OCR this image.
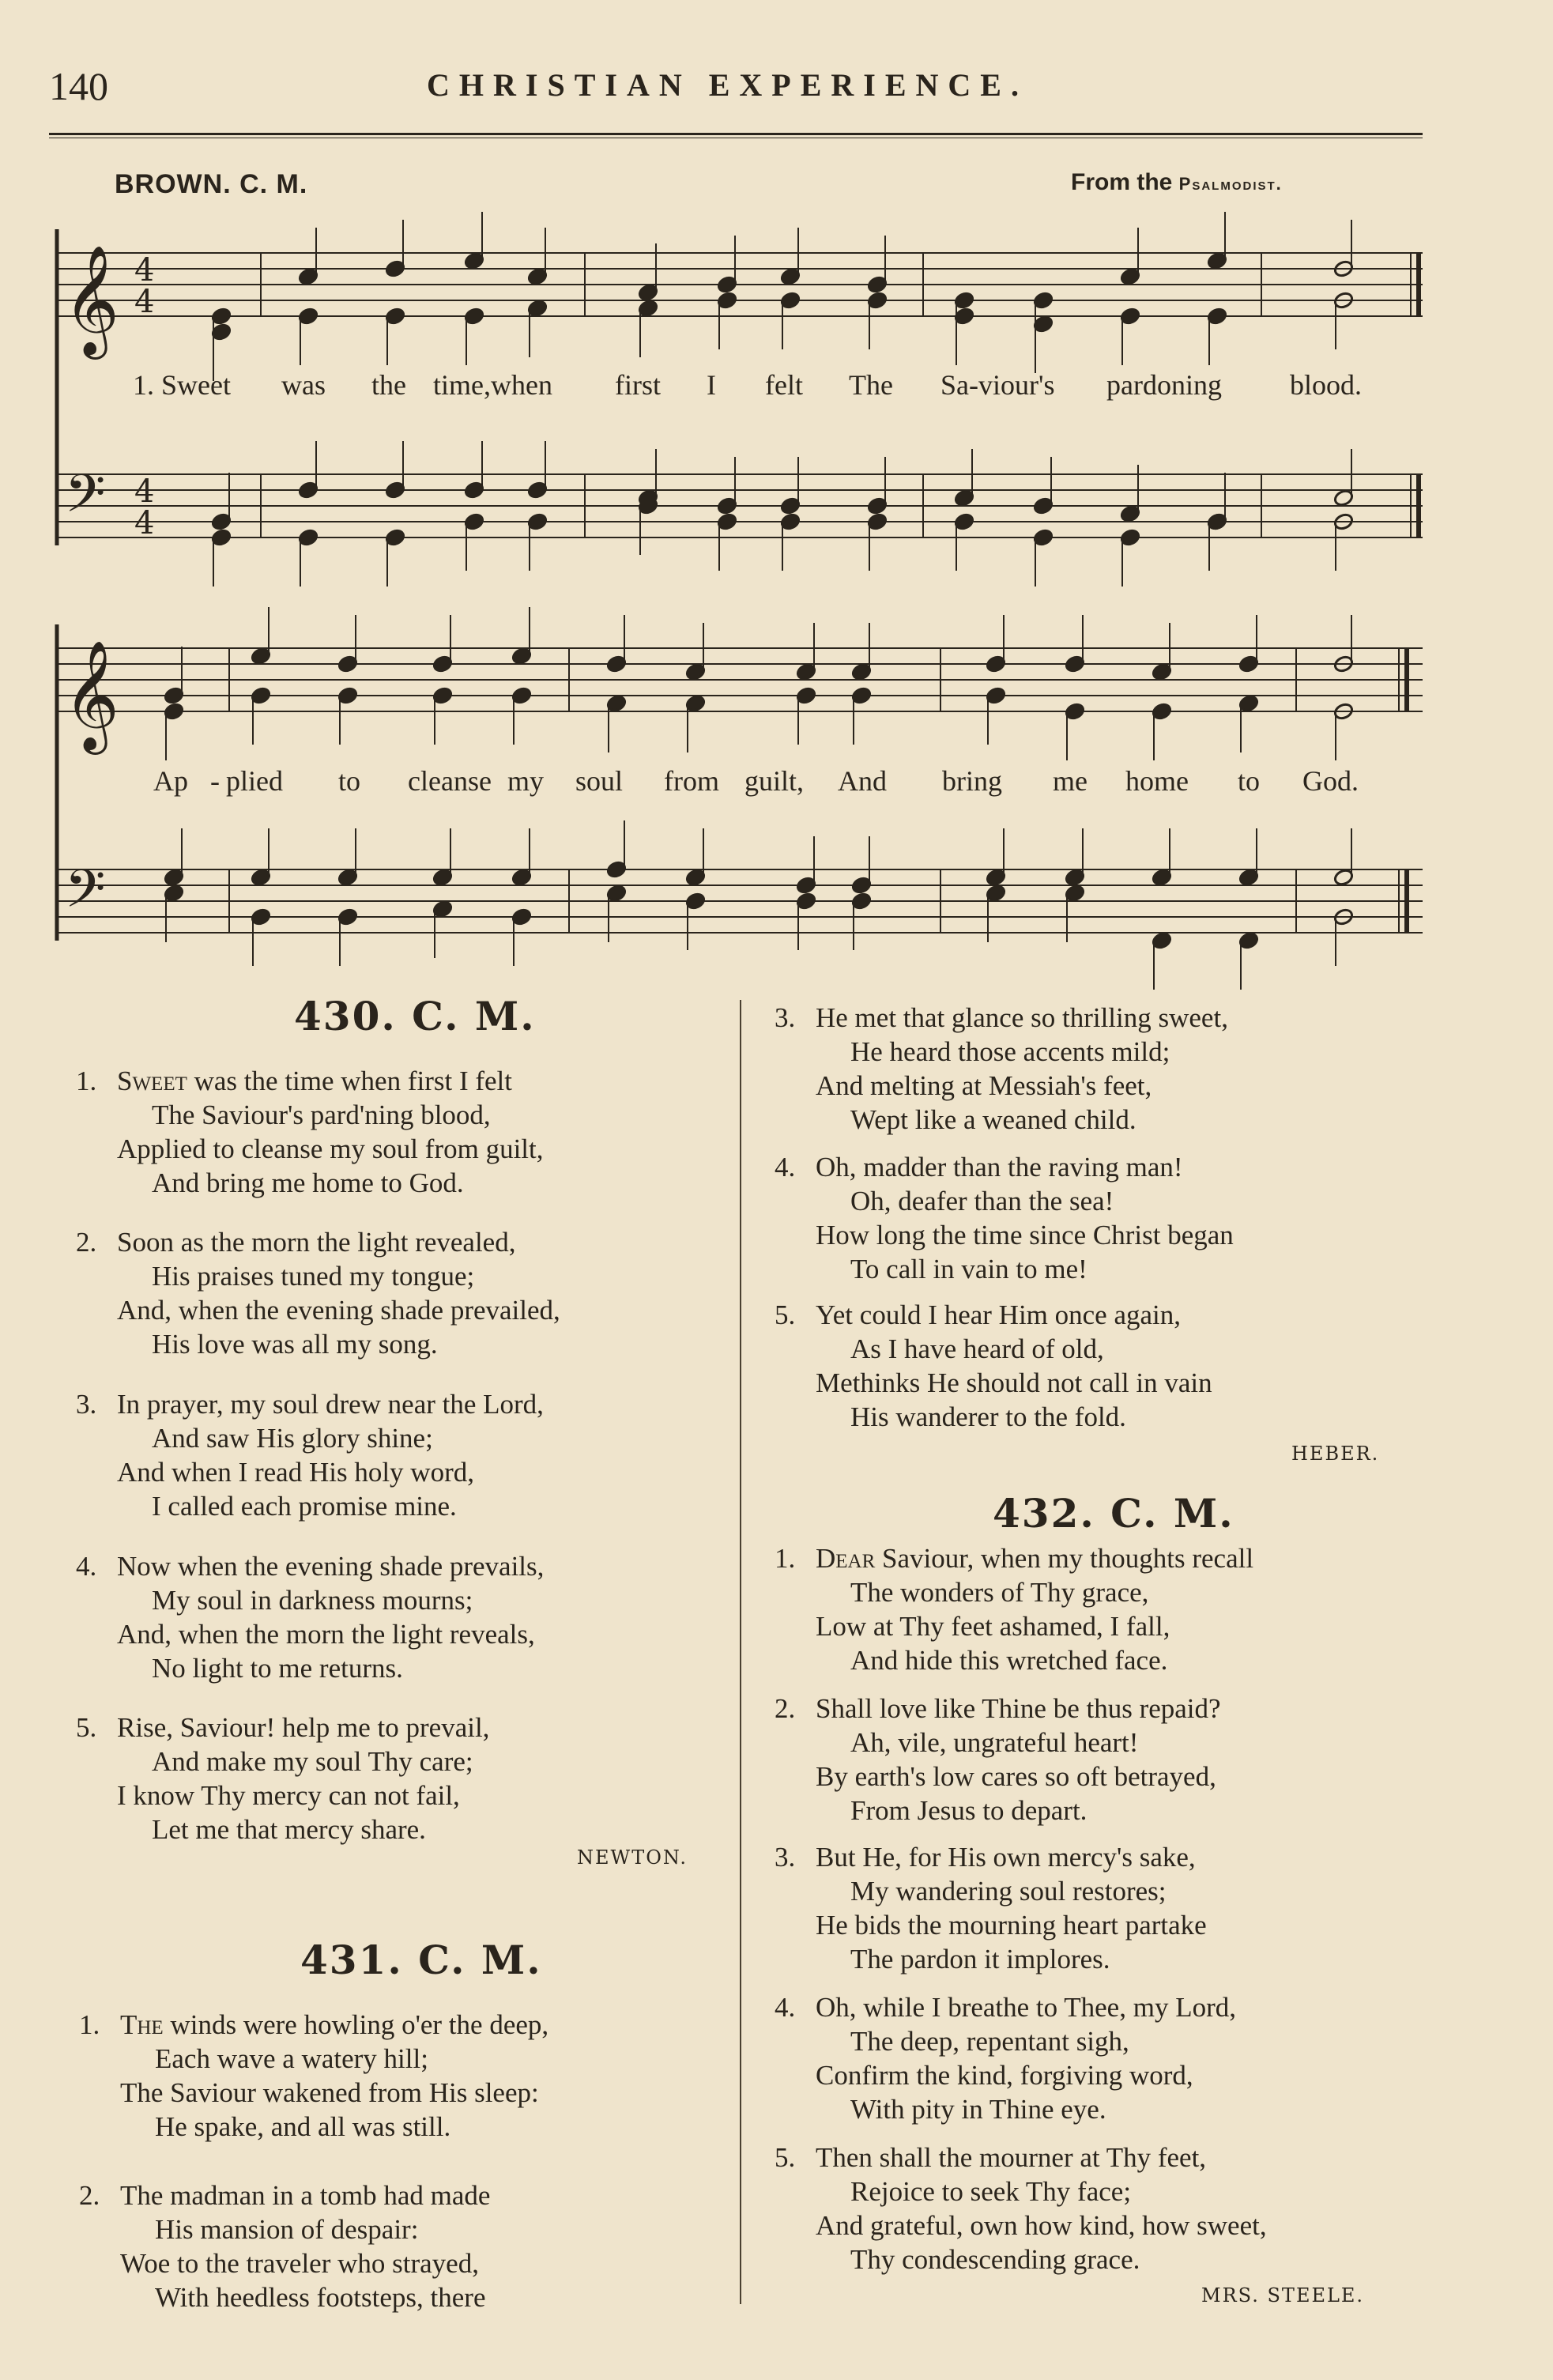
140	CHRISTIAN EXPERIENCE.
BROWN. C. M.	From the Psalmodist.
𝄞 4
4
𝄢 4
4
𝄞
𝄢
1. Sweet was the time,when first I felt The Sa-viour's pardoning blood.
Ap - plied to cleanse my soul from guilt, And bring me home to God.
430. C. M.
1. Sweet was the time when first I felt
The Saviour's pard'ning blood,
Applied to cleanse my soul from guilt,
And bring me home to God.
2. Soon as the morn the light revealed,
His praises tuned my tongue;
And, when the evening shade prevailed,
His love was all my song.
3. In prayer, my soul drew near the Lord,
And saw His glory shine;
And when I read His holy word,
I called each promise mine.
4. Now when the evening shade prevails,
My soul in darkness mourns;
And, when the morn the light reveals,
No light to me returns.
5. Rise, Saviour! help me to prevail,
And make my soul Thy care;
I know Thy mercy can not fail,
Let me that mercy share.
NEWTON.
431. C. M.
1. The winds were howling o'er the deep,
Each wave a watery hill;
The Saviour wakened from His sleep:
He spake, and all was still.
2. The madman in a tomb had made
His mansion of despair:
Woe to the traveler who strayed,
With heedless footsteps, there
3. He met that glance so thrilling sweet,
He heard those accents mild;
And melting at Messiah's feet,
Wept like a weaned child.
4. Oh, madder than the raving man!
Oh, deafer than the sea!
How long the time since Christ began
To call in vain to me!
5. Yet could I hear Him once again,
As I have heard of old,
Methinks He should not call in vain
His wanderer to the fold.
HEBER.
432. C. M.
1. Dear Saviour, when my thoughts recall
The wonders of Thy grace,
Low at Thy feet ashamed, I fall,
And hide this wretched face.
2. Shall love like Thine be thus repaid?
Ah, vile, ungrateful heart!
By earth's low cares so oft betrayed,
From Jesus to depart.
3. But He, for His own mercy's sake,
My wandering soul restores;
He bids the mourning heart partake
The pardon it implores.
4. Oh, while I breathe to Thee, my Lord,
The deep, repentant sigh,
Confirm the kind, forgiving word,
With pity in Thine eye.
5. Then shall the mourner at Thy feet,
Rejoice to seek Thy face;
And grateful, own how kind, how sweet,
Thy condescending grace.
MRS. STEELE.
